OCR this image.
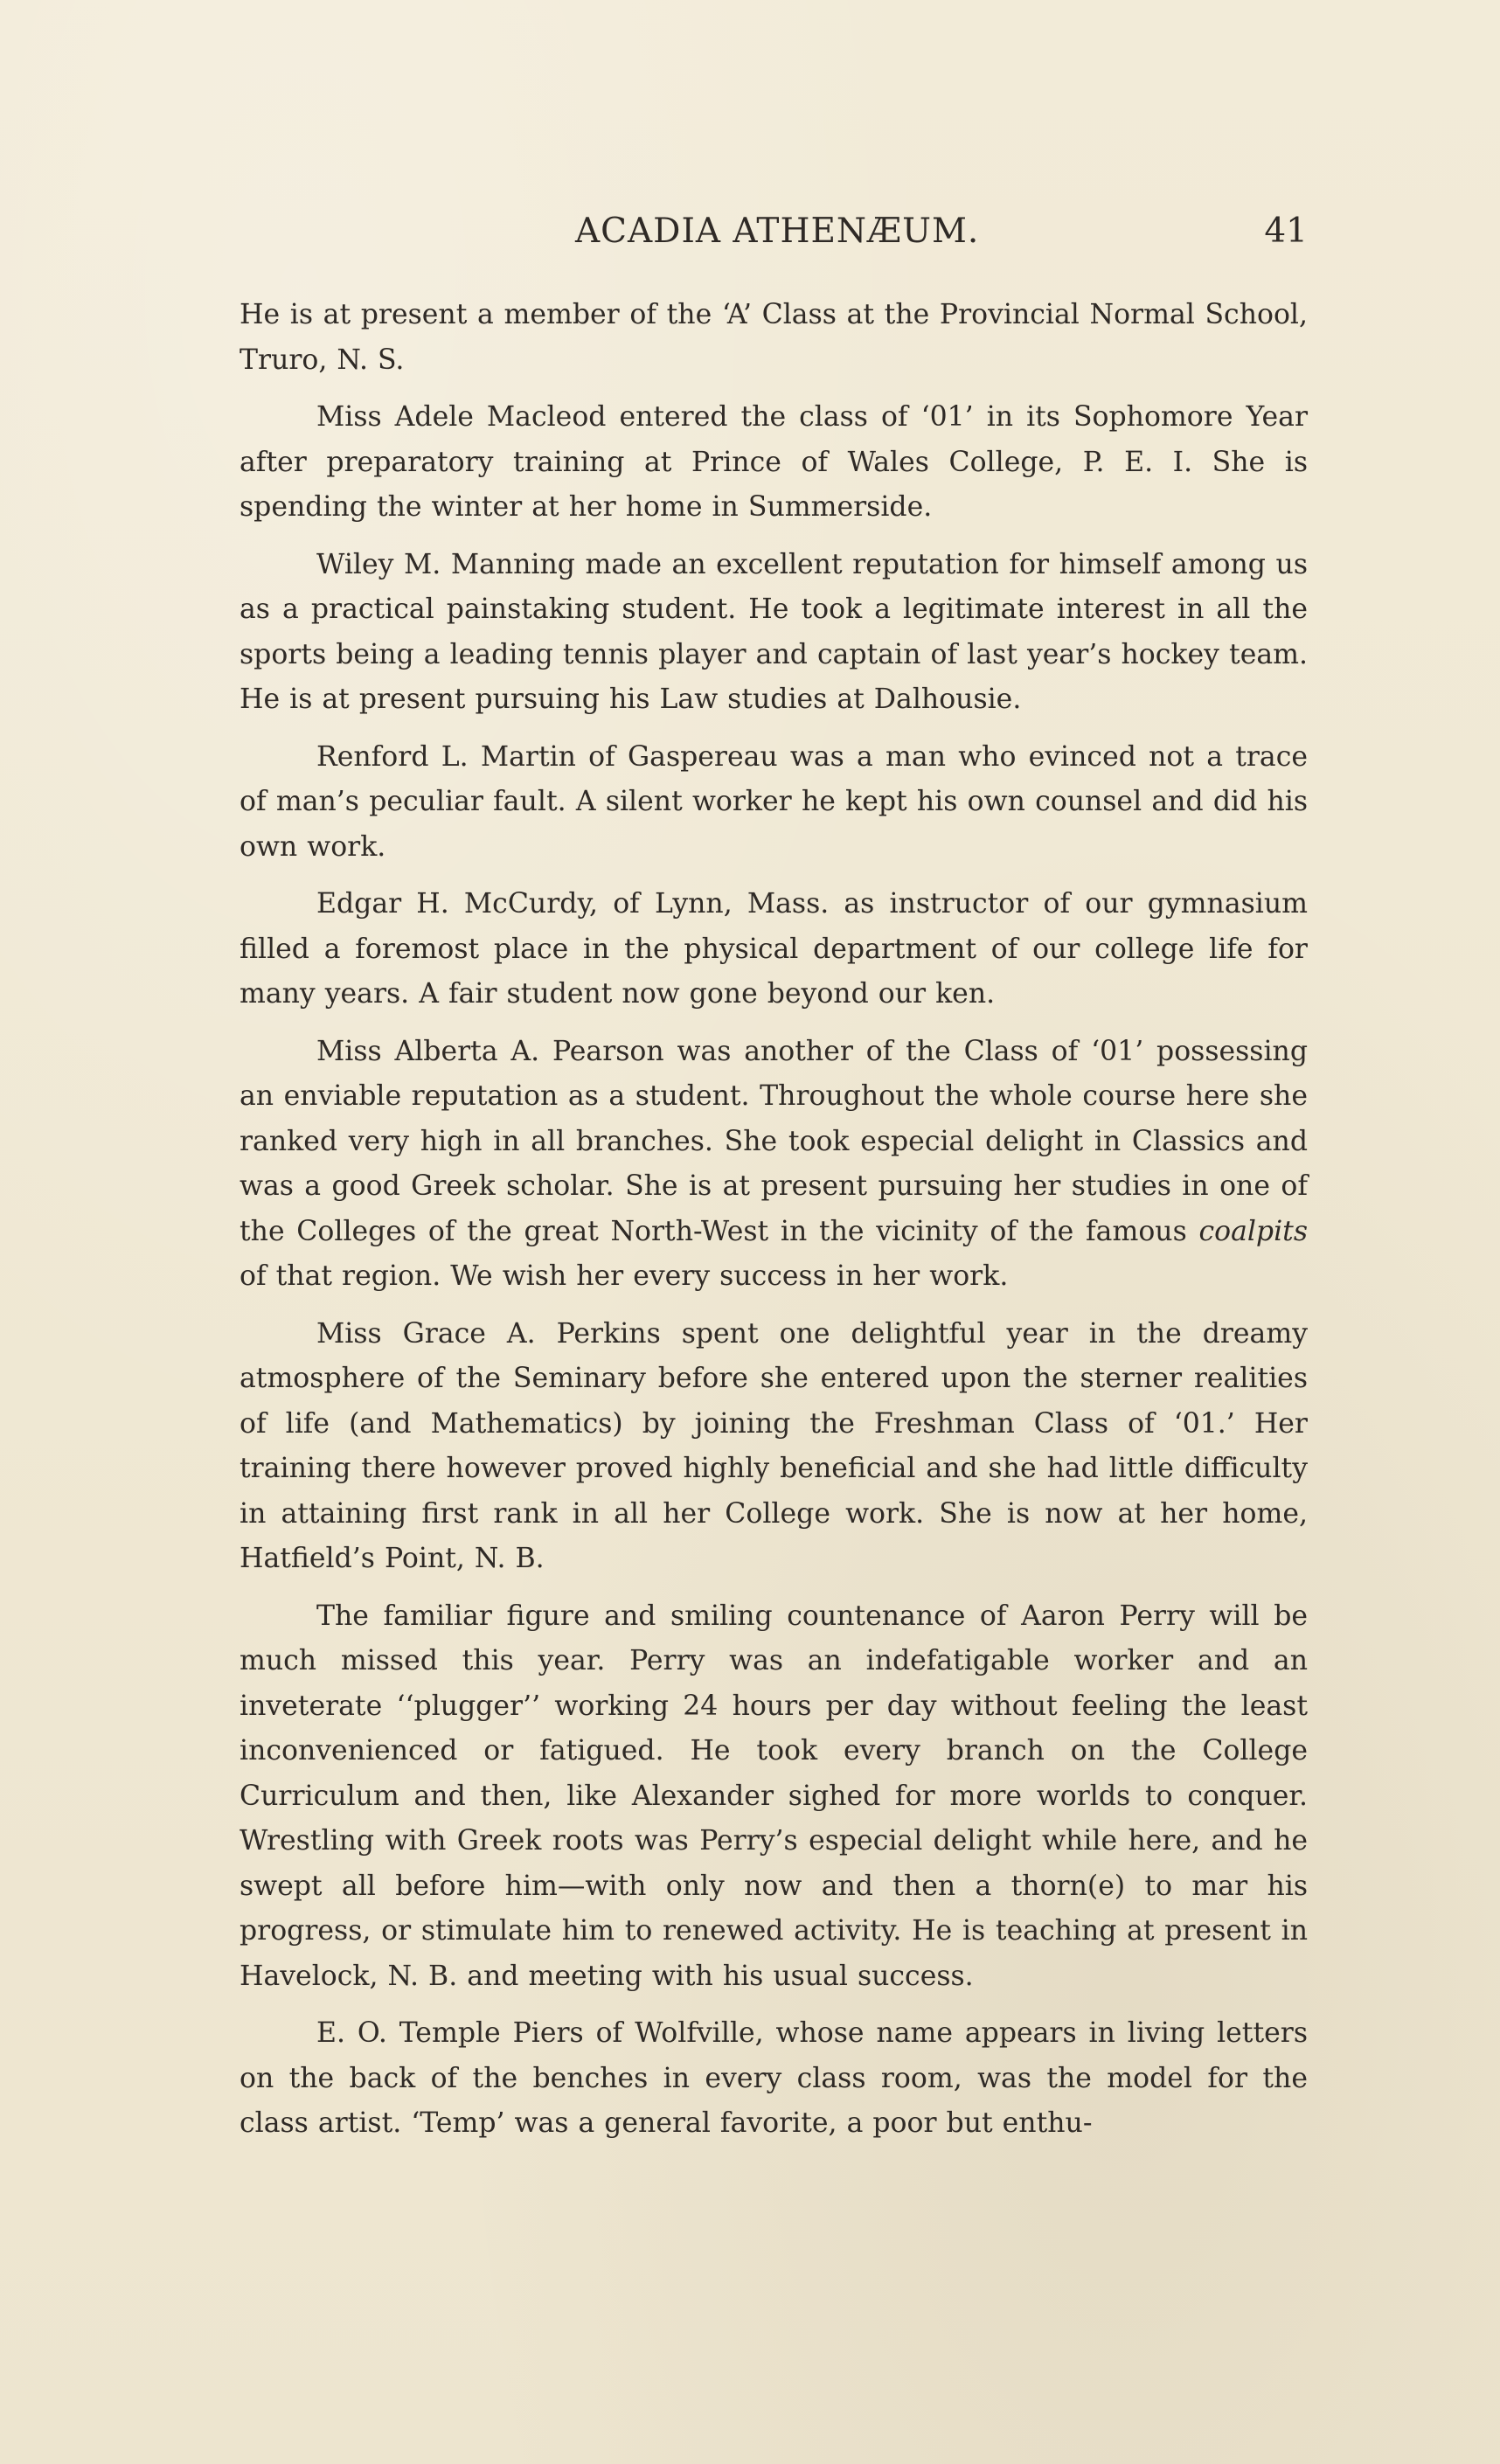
ACADIA ATHENÆUM.	41

He is at present a member of the ‘A’ Class at the Provincial Normal School, Truro, N. S.

Miss Adele Macleod entered the class of ‘01’ in its Sophomore Year after preparatory training at Prince of Wales College, P. E. I. She is spending the winter at her home in Summerside.

Wiley M. Manning made an excellent reputation for himself among us as a practical painstaking student. He took a legitimate interest in all the sports being a leading tennis player and captain of last year’s hockey team. He is at present pursuing his Law studies at Dalhousie.

Renford L. Martin of Gaspereau was a man who evinced not a trace of man’s peculiar fault. A silent worker he kept his own counsel and did his own work.

Edgar H. McCurdy, of Lynn, Mass. as instructor of our gymnasium filled a foremost place in the physical department of our college life for many years. A fair student now gone beyond our ken.

Miss Alberta A. Pearson was another of the Class of ‘01’ possessing an enviable reputation as a student. Throughout the whole course here she ranked very high in all branches. She took especial delight in Classics and was a good Greek scholar. She is at present pursuing her studies in one of the Colleges of the great North-West in the vicinity of the famous coalpits of that region. We wish her every success in her work.

Miss Grace A. Perkins spent one delightful year in the dreamy atmosphere of the Seminary before she entered upon the sterner realities of life (and Mathematics) by joining the Freshman Class of ‘01.’ Her training there however proved highly beneficial and she had little difficulty in attaining first rank in all her College work. She is now at her home, Hatfield’s Point, N. B.

The familiar figure and smiling countenance of Aaron Perry will be much missed this year. Perry was an indefatigable worker and an inveterate ‘‘plugger’’ working 24 hours per day without feeling the least inconvenienced or fatigued. He took every branch on the College Curriculum and then, like Alexander sighed for more worlds to conquer. Wrestling with Greek roots was Perry’s especial delight while here, and he swept all before him—with only now and then a thorn(e) to mar his progress, or stimulate him to renewed activity. He is teaching at present in Havelock, N. B. and meeting with his usual success.

E. O. Temple Piers of Wolfville, whose name appears in living letters on the back of the benches in every class room, was the model for the class artist. ‘Temp’ was a general favorite, a poor but enthu-
